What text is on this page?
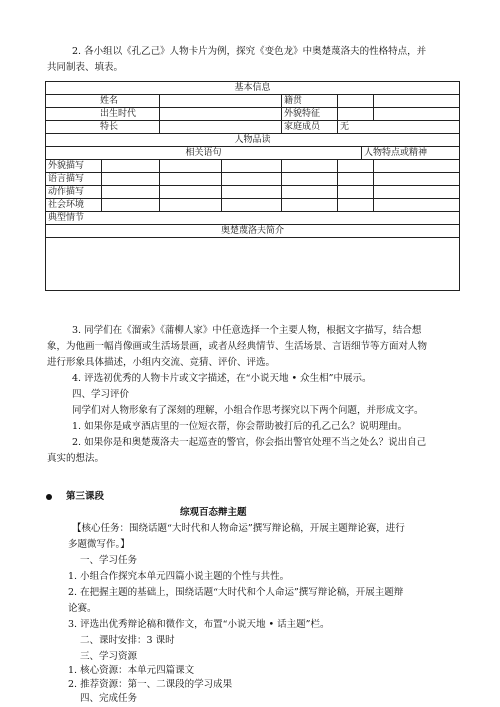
2. 各小组以《孔乙己》人物卡片为例，探究《变色龙》中奥楚蔑洛夫的性格特点，并
共同制表、填表。
基本信息							
姓名				籍贯			
出生时代				外貌特征			
特长				家庭成员	无		
人物品读							
相关语句						人物特点或精神	
外貌描写							
语言描写							
动作描写							
社会环境							
典型情节							
奥楚蔑洛夫简介							

3. 同学们在《溜索》《蒲柳人家》中任意选择一个主要人物，根据文字描写，结合想
象，为他画一幅肖像画或生活场景画，或者从经典情节、生活场景、言语细节等方面对人物
进行形象具体描述，小组内交流、竞猜、评价、评选。
4. 评选初优秀的人物卡片或文字描述，在“小说天地 • 众生相”中展示。
四、学习评价
同学们对人物形象有了深刻的理解，小组合作思考探究以下两个问题，并形成文字。
1. 如果你是咸亨酒店里的一位短衣帮，你会帮助被打后的孔乙己么？说明理由。
2. 如果你是和奥楚蔑洛夫一起巡查的警官，你会指出警官处理不当之处么？说出自己
真实的想法。
第三课段
综观百态辩主题
【核心任务：围绕话题“大时代和人物命运”撰写辩论稿，开展主题辩论赛，进行
多题微写作。】
一、学习任务
1. 小组合作探究本单元四篇小说主题的个性与共性。
2. 在把握主题的基础上，围绕话题“大时代和个人命运”撰写辩论稿，开展主题辩
论赛。
3. 评选出优秀辩论稿和微作文，布置“小说天地 • 话主题”栏。
二、课时安排：3 课时
三、学习资源
1. 核心资源：本单元四篇课文
2. 推荐资源：第一、二课段的学习成果
四、完成任务
